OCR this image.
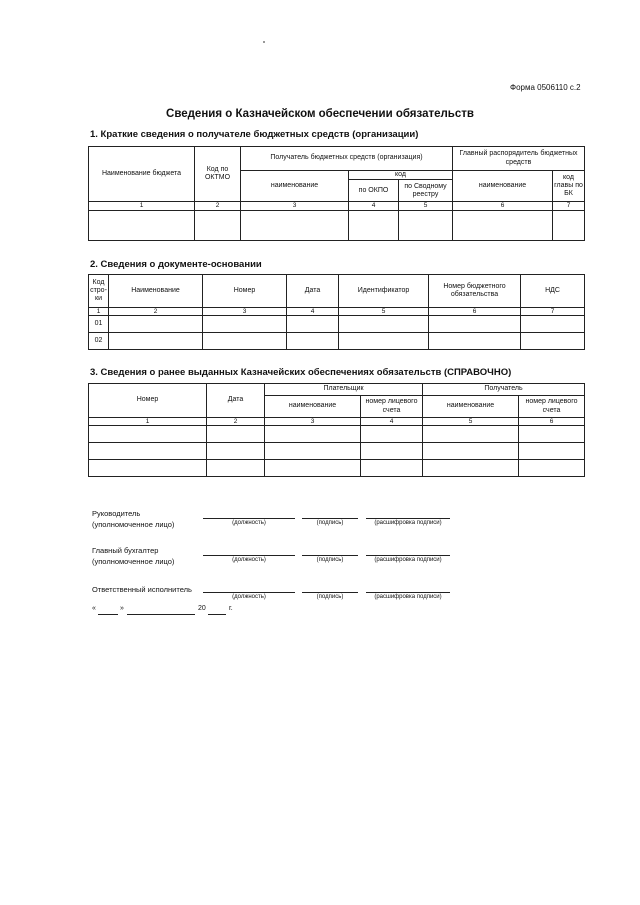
Форма 0506110 с.2
Сведения о Казначейском обеспечении обязательств
1. Краткие сведения о получателе бюджетных средств (организации)
Наименование бюджета	Код по ОКТМО	Получатель бюджетных средств (организация)			Главный распорядитель бюджетных средств	
		наименование	код		наименование	код главы по БК
			по ОКПО	по Сводному реестру		
1	2	3	4	5	6	7

2. Сведения о документе-основании
Код стро- ки	Наименование	Номер	Дата	Идентификатор	Номер бюджетного обязательства	НДС
1	2	3	4	5	6	7
01						
02						
3. Сведения о ранее выданных Казначейских обеспечениях обязательств (СПРАВОЧНО)
Номер	Дата	Плательщик		Получатель	
		наименование	номер лицевого счета	наименование	номер лицевого счета
1	2	3	4	5	6

Руководитель (уполномоченное лицо)	(должность)	(подпись)	(расшифровка подписи)
Главный бухгалтер (уполномоченное лицо)	(должность)	(подпись)	(расшифровка подписи)
Ответственный исполнитель
(должность)	(подпись)	(расшифровка подписи)
«	»	20	г.
